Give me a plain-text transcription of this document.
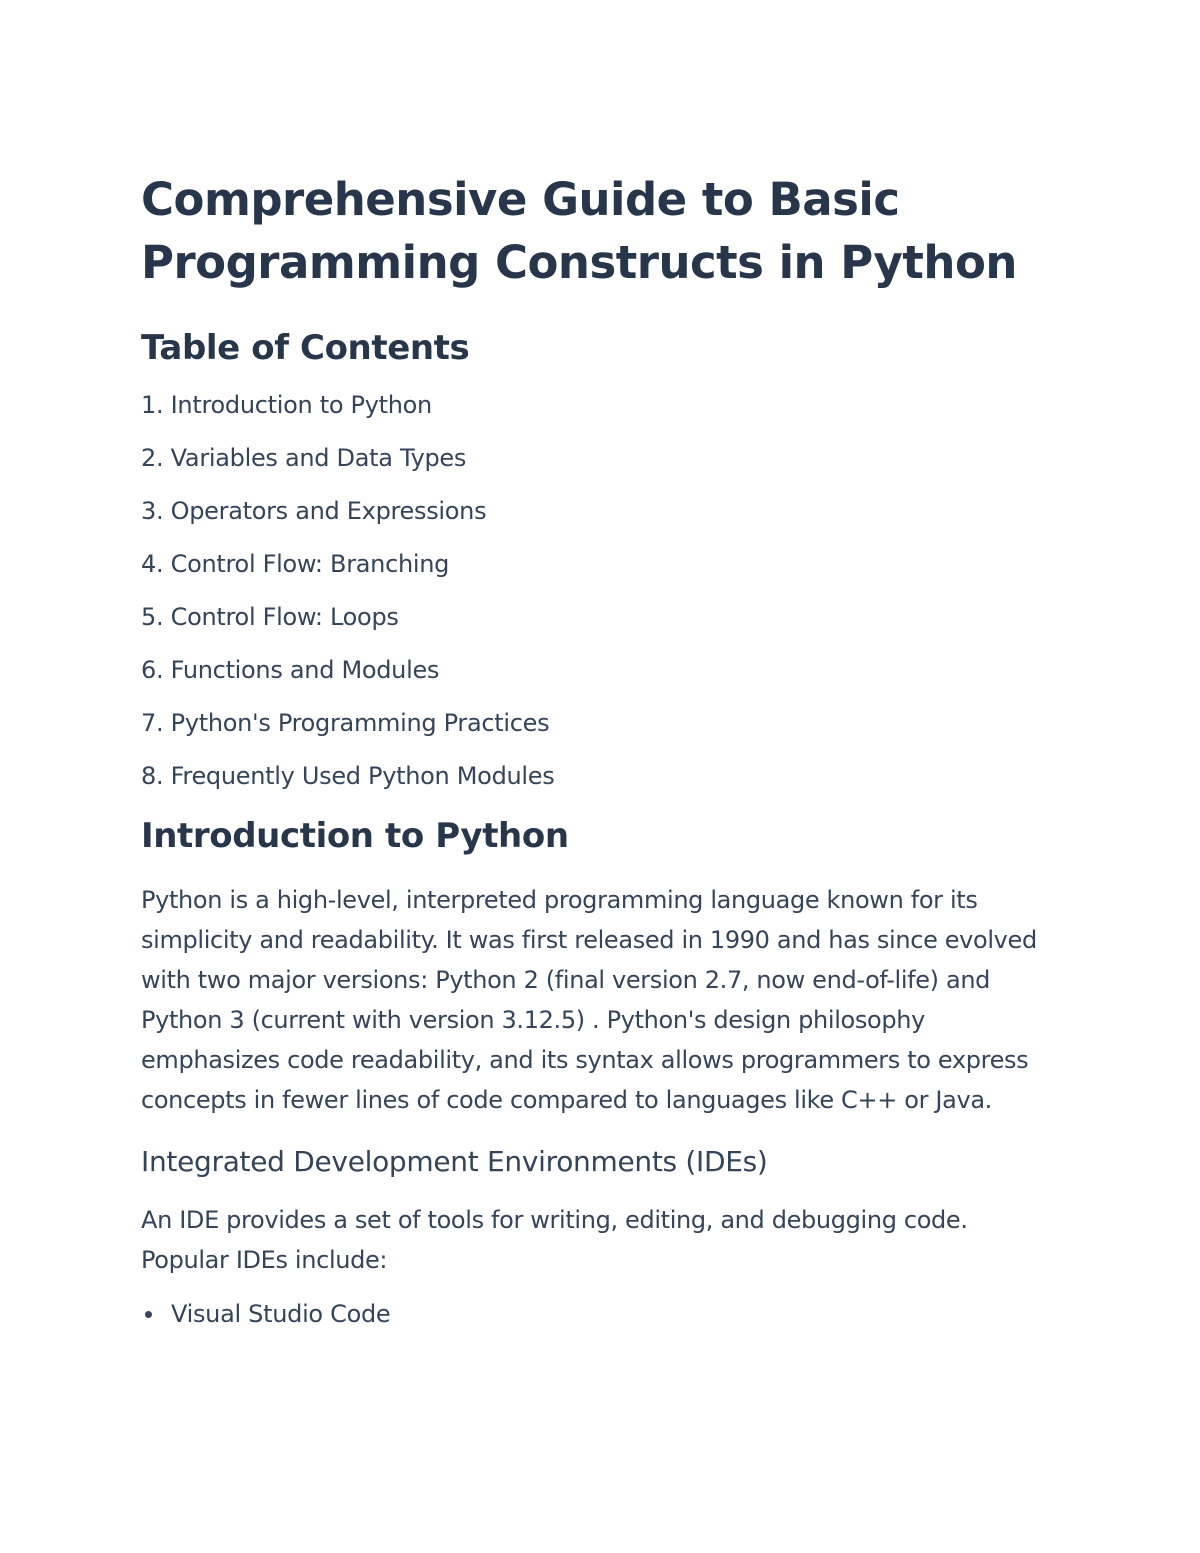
Comprehensive Guide to Basic
Programming Constructs in Python
Table of Contents
1. Introduction to Python
2. Variables and Data Types
3. Operators and Expressions
4. Control Flow: Branching
5. Control Flow: Loops
6. Functions and Modules
7. Python's Programming Practices
8. Frequently Used Python Modules
Introduction to Python

Python is a high-level, interpreted programming language known for its simplicity and readability. It was first released in 1990 and has since evolved with two major versions: Python 2 (final version 2.7, now end-of-life) and Python 3 (current with version 3.12.5) . Python's design philosophy emphasizes code readability, and its syntax allows programmers to express concepts in fewer lines of code compared to languages like C++ or Java.

Integrated Development Environments (IDEs)

An IDE provides a set of tools for writing, editing, and debugging code. Popular IDEs include:

Visual Studio Code
